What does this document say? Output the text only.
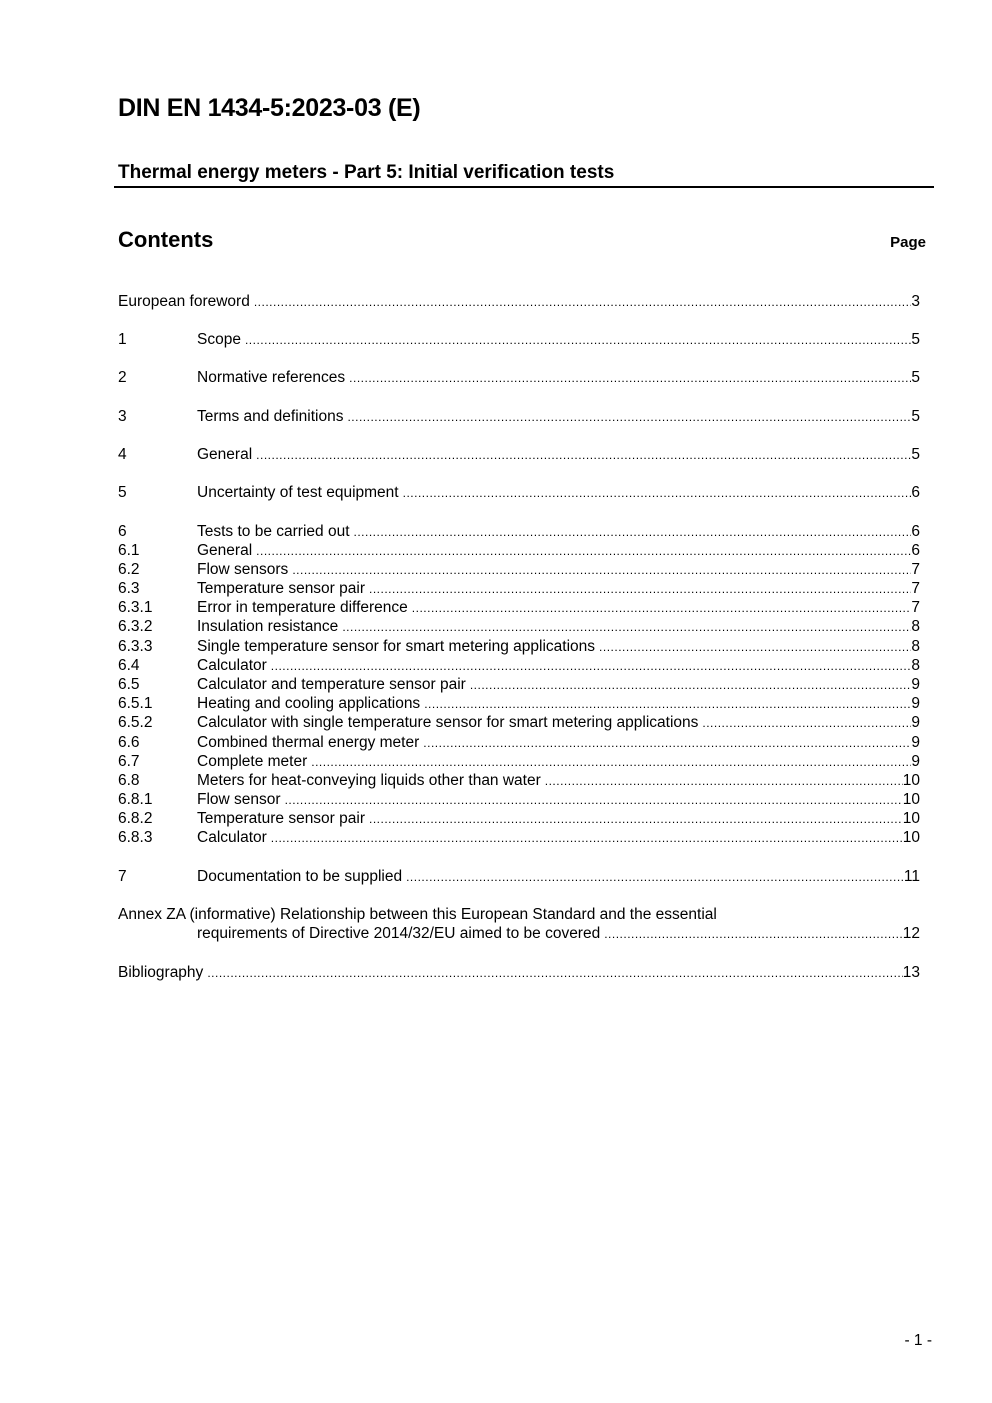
DIN EN 1434-5:2023-03 (E)
Thermal energy meters - Part 5: Initial verification tests
Contents	Page
European foreword .....	3
1	Scope .....	5
2	Normative references .....	5
3	Terms and definitions .....	5
4	General .....	5
5	Uncertainty of test equipment .....	6
6	Tests to be carried out .....	6
6.1	General .....	6
6.2	Flow sensors .....	7
6.3	Temperature sensor pair .....	7
6.3.1	Error in temperature difference .....	7
6.3.2	Insulation resistance .....	8
6.3.3	Single temperature sensor for smart metering applications .....	8
6.4	Calculator .....	8
6.5	Calculator and temperature sensor pair .....	9
6.5.1	Heating and cooling applications .....	9
6.5.2	Calculator with single temperature sensor for smart metering applications .....	9
6.6	Combined thermal energy meter .....	9
6.7	Complete meter .....	9
6.8	Meters for heat-conveying liquids other than water .....	10
6.8.1	Flow sensor .....	10
6.8.2	Temperature sensor pair .....	10
6.8.3	Calculator .....	10
7	Documentation to be supplied .....	11
Annex ZA (informative) Relationship between this European Standard and the essential
requirements of Directive 2014/32/EU aimed to be covered .....	12
Bibliography .....	13
- 1 -
